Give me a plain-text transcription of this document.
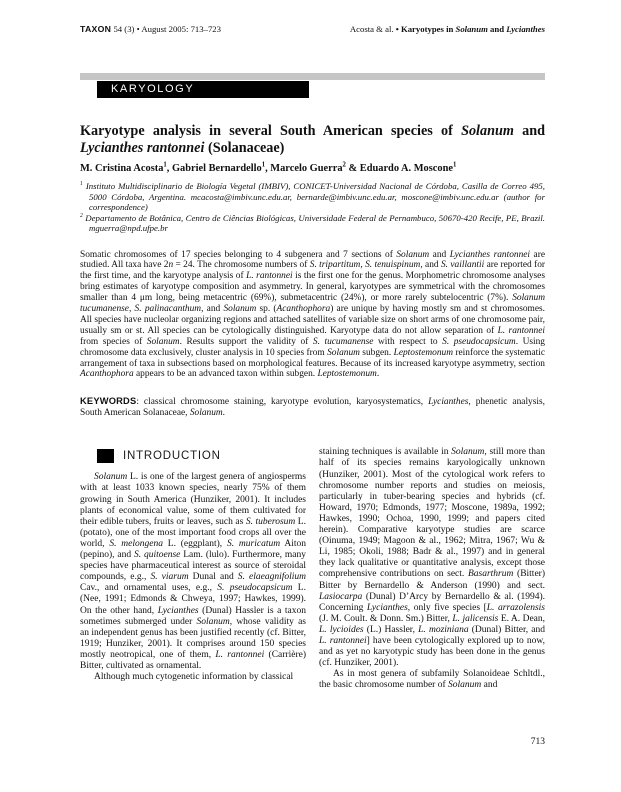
TAXON 54 (3) • August 2005: 713–723	Acosta & al. • Karyotypes in Solanum and Lycianthes
KARYOLOGY
Karyotype analysis in several South American species of Solanum and Lycianthes rantonnei (Solanaceae)
M. Cristina Acosta$^1$, Gabriel Bernardello$^1$, Marcelo Guerra$^2$ & Eduardo A. Moscone$^1$
$^1$ Instituto Multidisciplinario de Biología Vegetal (IMBIV), CONICET-Universidad Nacional de Córdoba, Casilla de Correo 495, 5000 Córdoba, Argentina. mcacosta@imbiv.unc.edu.ar, bernarde@imbiv.unc.edu.ar, moscone@imbiv.unc.edu.ar (author for correspondence)
$^2$ Departamento de Botânica, Centro de Ciências Biológicas, Universidade Federal de Pernambuco, 50670-420 Recife, PE, Brazil. mguerra@npd.ufpe.br
Somatic chromosomes of 17 species belonging to 4 subgenera and 7 sections of Solanum and Lycianthes rantonnei are studied. All taxa have 2n = 24. The chromosome numbers of S. tripartitum, S. tenuispinum, and S. vaillantii are reported for the first time, and the karyotype analysis of L. rantonnei is the first one for the genus. Morphometric chromosome analyses bring estimates of karyotype composition and asymmetry. In general, karyotypes are symmetrical with the chromosomes smaller than 4 μm long, being metacentric (69%), submetacentric (24%), or more rarely subtelocentric (7%). Solanum tucumanense, S. palinacanthum, and Solanum sp. (Acanthophora) are unique by having mostly sm and st chromosomes. All species have nucleolar organizing regions and attached satellites of variable size on short arms of one chromosome pair, usually sm or st. All species can be cytologically distinguished. Karyotype data do not allow separation of L. rantonnei from species of Solanum. Results support the validity of S. tucumanense with respect to S. pseudocapsicum. Using chromosome data exclusively, cluster analysis in 10 species from Solanum subgen. Leptostemonum reinforce the systematic arrangement of taxa in subsections based on morphological features. Because of its increased karyotype asymmetry, section Acanthophora appears to be an advanced taxon within subgen. Leptostemonum.
KEYWORDS: classical chromosome staining, karyotype evolution, karyosystematics, Lycianthes, phenetic analysis, South American Solanaceae, Solanum.
INTRODUCTION

Solanum L. is one of the largest genera of angiosperms with at least 1033 known species, nearly 75% of them growing in South America (Hunziker, 2001). It includes plants of economical value, some of them cultivated for their edible tubers, fruits or leaves, such as S. tuberosum L. (potato), one of the most important food crops all over the world, S. melongena L. (eggplant), S. muricatum Aiton (pepino), and S. quitoense Lam. (lulo). Furthermore, many species have pharmaceutical interest as source of steroidal compounds, e.g., S. viarum Dunal and S. elaeagnifolium Cav., and ornamental uses, e.g., S. pseudocapsicum L. (Nee, 1991; Edmonds & Chweya, 1997; Hawkes, 1999). On the other hand, Lycianthes (Dunal) Hassler is a taxon sometimes submerged under Solanum, whose validity as an independent genus has been justified recently (cf. Bitter, 1919; Hunziker, 2001). It comprises around 150 species mostly neotropical, one of them, L. rantonnei (Carrière) Bitter, cultivated as ornamental.

Although much cytogenetic information by classical

staining techniques is available in Solanum, still more than half of its species remains karyologically unknown (Hunziker, 2001). Most of the cytological work refers to chromosome number reports and studies on meiosis, particularly in tuber-bearing species and hybrids (cf. Howard, 1970; Edmonds, 1977; Moscone, 1989a, 1992; Hawkes, 1990; Ochoa, 1990, 1999; and papers cited herein). Comparative karyotype studies are scarce (Oinuma, 1949; Magoon & al., 1962; Mitra, 1967; Wu & Li, 1985; Okoli, 1988; Badr & al., 1997) and in general they lack qualitative or quantitative analysis, except those comprehensive contributions on sect. Basarthrum (Bitter) Bitter by Bernardello & Anderson (1990) and sect. Lasiocarpa (Dunal) D’Arcy by Bernardello & al. (1994). Concerning Lycianthes, only five species [L. arrazolensis (J. M. Coult. & Donn. Sm.) Bitter, L. jalicensis E. A. Dean, L. lycioides (L.) Hassler, L. moziniana (Dunal) Bitter, and L. rantonnei] have been cytologically explored up to now, and as yet no karyotypic study has been done in the genus (cf. Hunziker, 2001).

As in most genera of subfamily Solanoideae Schltdl., the basic chromosome number of Solanum and

713
